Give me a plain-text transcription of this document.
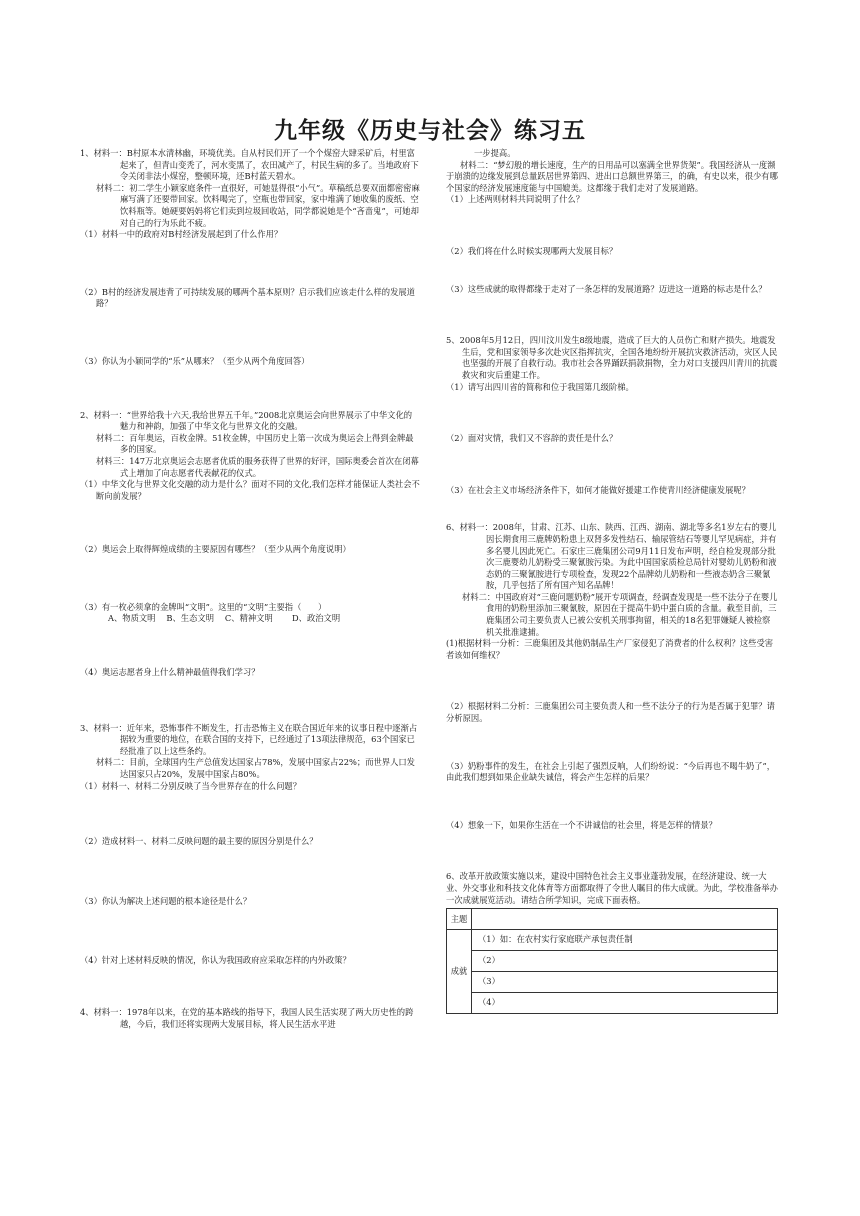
九年级《历史与社会》练习五

1、材料一：B村原本水清林幽，环境优美。自从村民们开了一个个煤窑大肆采矿后，村里富起来了，但青山变秃了，河水变黑了，农田减产了，村民生病的多了。当地政府下令关闭非法小煤窑，整顿环境，还B村蓝天碧水。

材料二：初二学生小颖家庭条件一直很好，可她显得很“小气”。草稿纸总要双面都密密麻麻写满了还要带回家。饮料喝完了，空瓶也带回家，家中堆满了她收集的废纸、空饮料瓶等。她硬要妈妈将它们卖到垃圾回收站，同学都说她是个“吝啬鬼”，可她却对自己的行为乐此不疲。

（1）材料一中的政府对B村经济发展起到了什么作用？

（2）B村的经济发展违背了可持续发展的哪两个基本原则？启示我们应该走什么样的发展道路？

（3）你认为小颖同学的“乐”从哪来？（至少从两个角度回答）

2、材料一：“世界给我十六天,我给世界五千年。”2008北京奥运会向世界展示了中华文化的魅力和神韵，加强了中华文化与世界文化的交融。

材料二：百年奥运，百枚金牌。51枚金牌，中国历史上第一次成为奥运会上得到金牌最多的国家。

材料三：147万北京奥运会志愿者优质的服务获得了世界的好评，国际奥委会首次在闭幕式上增加了向志愿者代表献花的仪式。

（1）中华文化与世界文化交融的动力是什么？面对不同的文化,我们怎样才能保证人类社会不断向前发展？

（2）奥运会上取得辉煌成绩的主要原因有哪些？（至少从两个角度说明）

（3）有一枚必须拿的金牌叫“文明”。这里的“文明”主要指（　　）

A、物质文明　 B、生态文明　 C、精神文明　　 D、政治文明

（4）奥运志愿者身上什么精神最值得我们学习？

3、材料一：近年来，恐怖事件不断发生，打击恐怖主义在联合国近年来的议事日程中逐渐占据较为重要的地位，在联合国的支持下，已经通过了13项法律规范，63个国家已经批准了以上这些条约。

材料二：目前，全球国内生产总值发达国家占78%，发展中国家占22%；而世界人口发达国家只占20%，发展中国家占80%。

（1）材料一、材料二分别反映了当今世界存在的什么问题？

（2）造成材料一、材料二反映问题的最主要的原因分别是什么？

（3）你认为解决上述问题的根本途径是什么？

（4）针对上述材料反映的情况，你认为我国政府应采取怎样的内外政策？

4、材料一：1978年以来，在党的基本路线的指导下，我国人民生活实现了两大历史性的跨越，今后，我们还将实现两大发展目标，将人民生活水平进

一步提高。

材料二：“梦幻般的增长速度，生产的日用品可以塞满全世界货架”。我国经济从一度濒于崩溃的边缘发展到总量跃居世界第四、进出口总额世界第三，的确，有史以来，很少有哪个国家的经济发展速度能与中国媲美。这都缘于我们走对了发展道路。

（1）上述两则材料共同说明了什么？

（2）我们将在什么时候实现哪两大发展目标？

（3）这些成就的取得都缘于走对了一条怎样的发展道路？迈进这一道路的标志是什么？

5、2008年5月12日，四川汶川发生8级地震，造成了巨大的人员伤亡和财产损失。地震发生后，党和国家领导多次赴灾区指挥抗灾，全国各地纷纷开展抗灾救济活动，灾区人民也坚强的开展了自救行动。我市社会各界踊跃捐款捐物，全力对口支援四川青川的抗震救灾和灾后重建工作。

（1）请写出四川省的简称和位于我国第几级阶梯。

（2）面对灾情，我们又不容辞的责任是什么？

（3）在社会主义市场经济条件下，如何才能做好援建工作使青川经济健康发展呢？

6、材料一：2008年，甘肃、江苏、山东、陕西、江西、湖南、湖北等多名1岁左右的婴儿因长期食用三鹿牌奶粉患上双肾多发性结石、输尿管结石等婴儿罕见病症，并有多名婴儿因此死亡。石家庄三鹿集团公司9月11日发布声明，经自检发现部分批次三鹿婴幼儿奶粉受三聚氰胺污染。为此中国国家质检总局针对婴幼儿奶粉和液态奶的三聚氰胺进行专项检查，发现22个品牌幼儿奶粉和一些液态奶含三聚氰胺，几乎包括了所有国产知名品牌！

材料二：中国政府对“三鹿问题奶粉”展开专项调查，经调查发现是一些不法分子在婴儿食用的奶粉里添加三聚氰胺，原因在于提高牛奶中蛋白质的含量。截至目前，三鹿集团公司主要负责人已被公安机关刑事拘留，相关的18名犯罪嫌疑人被检察机关批准逮捕。

(1)根据材料一分析：三鹿集团及其他奶制品生产厂家侵犯了消费者的什么权利？这些受害者该如何维权？

（2）根据材料二分析：三鹿集团公司主要负责人和一些不法分子的行为是否属于犯罪？请分析原因。

（3）奶粉事件的发生，在社会上引起了强烈反响，人们纷纷说：“今后再也不喝牛奶了”，由此我们想到如果企业缺失诚信，将会产生怎样的后果？

（4）想象一下，如果你生活在一个不讲诚信的社会里，将是怎样的情景？

6、改革开放政策实施以来，建设中国特色社会主义事业蓬勃发展，在经济建设、统一大业、外交事业和科技文化体育等方面都取得了令世人瞩目的伟大成就。为此，学校准备举办一次成就展览活动。请结合所学知识，完成下面表格。

主题	
成就	（1）如：在农村实行家庭联产承包责任制
	（2）
	（3）
	（4）
